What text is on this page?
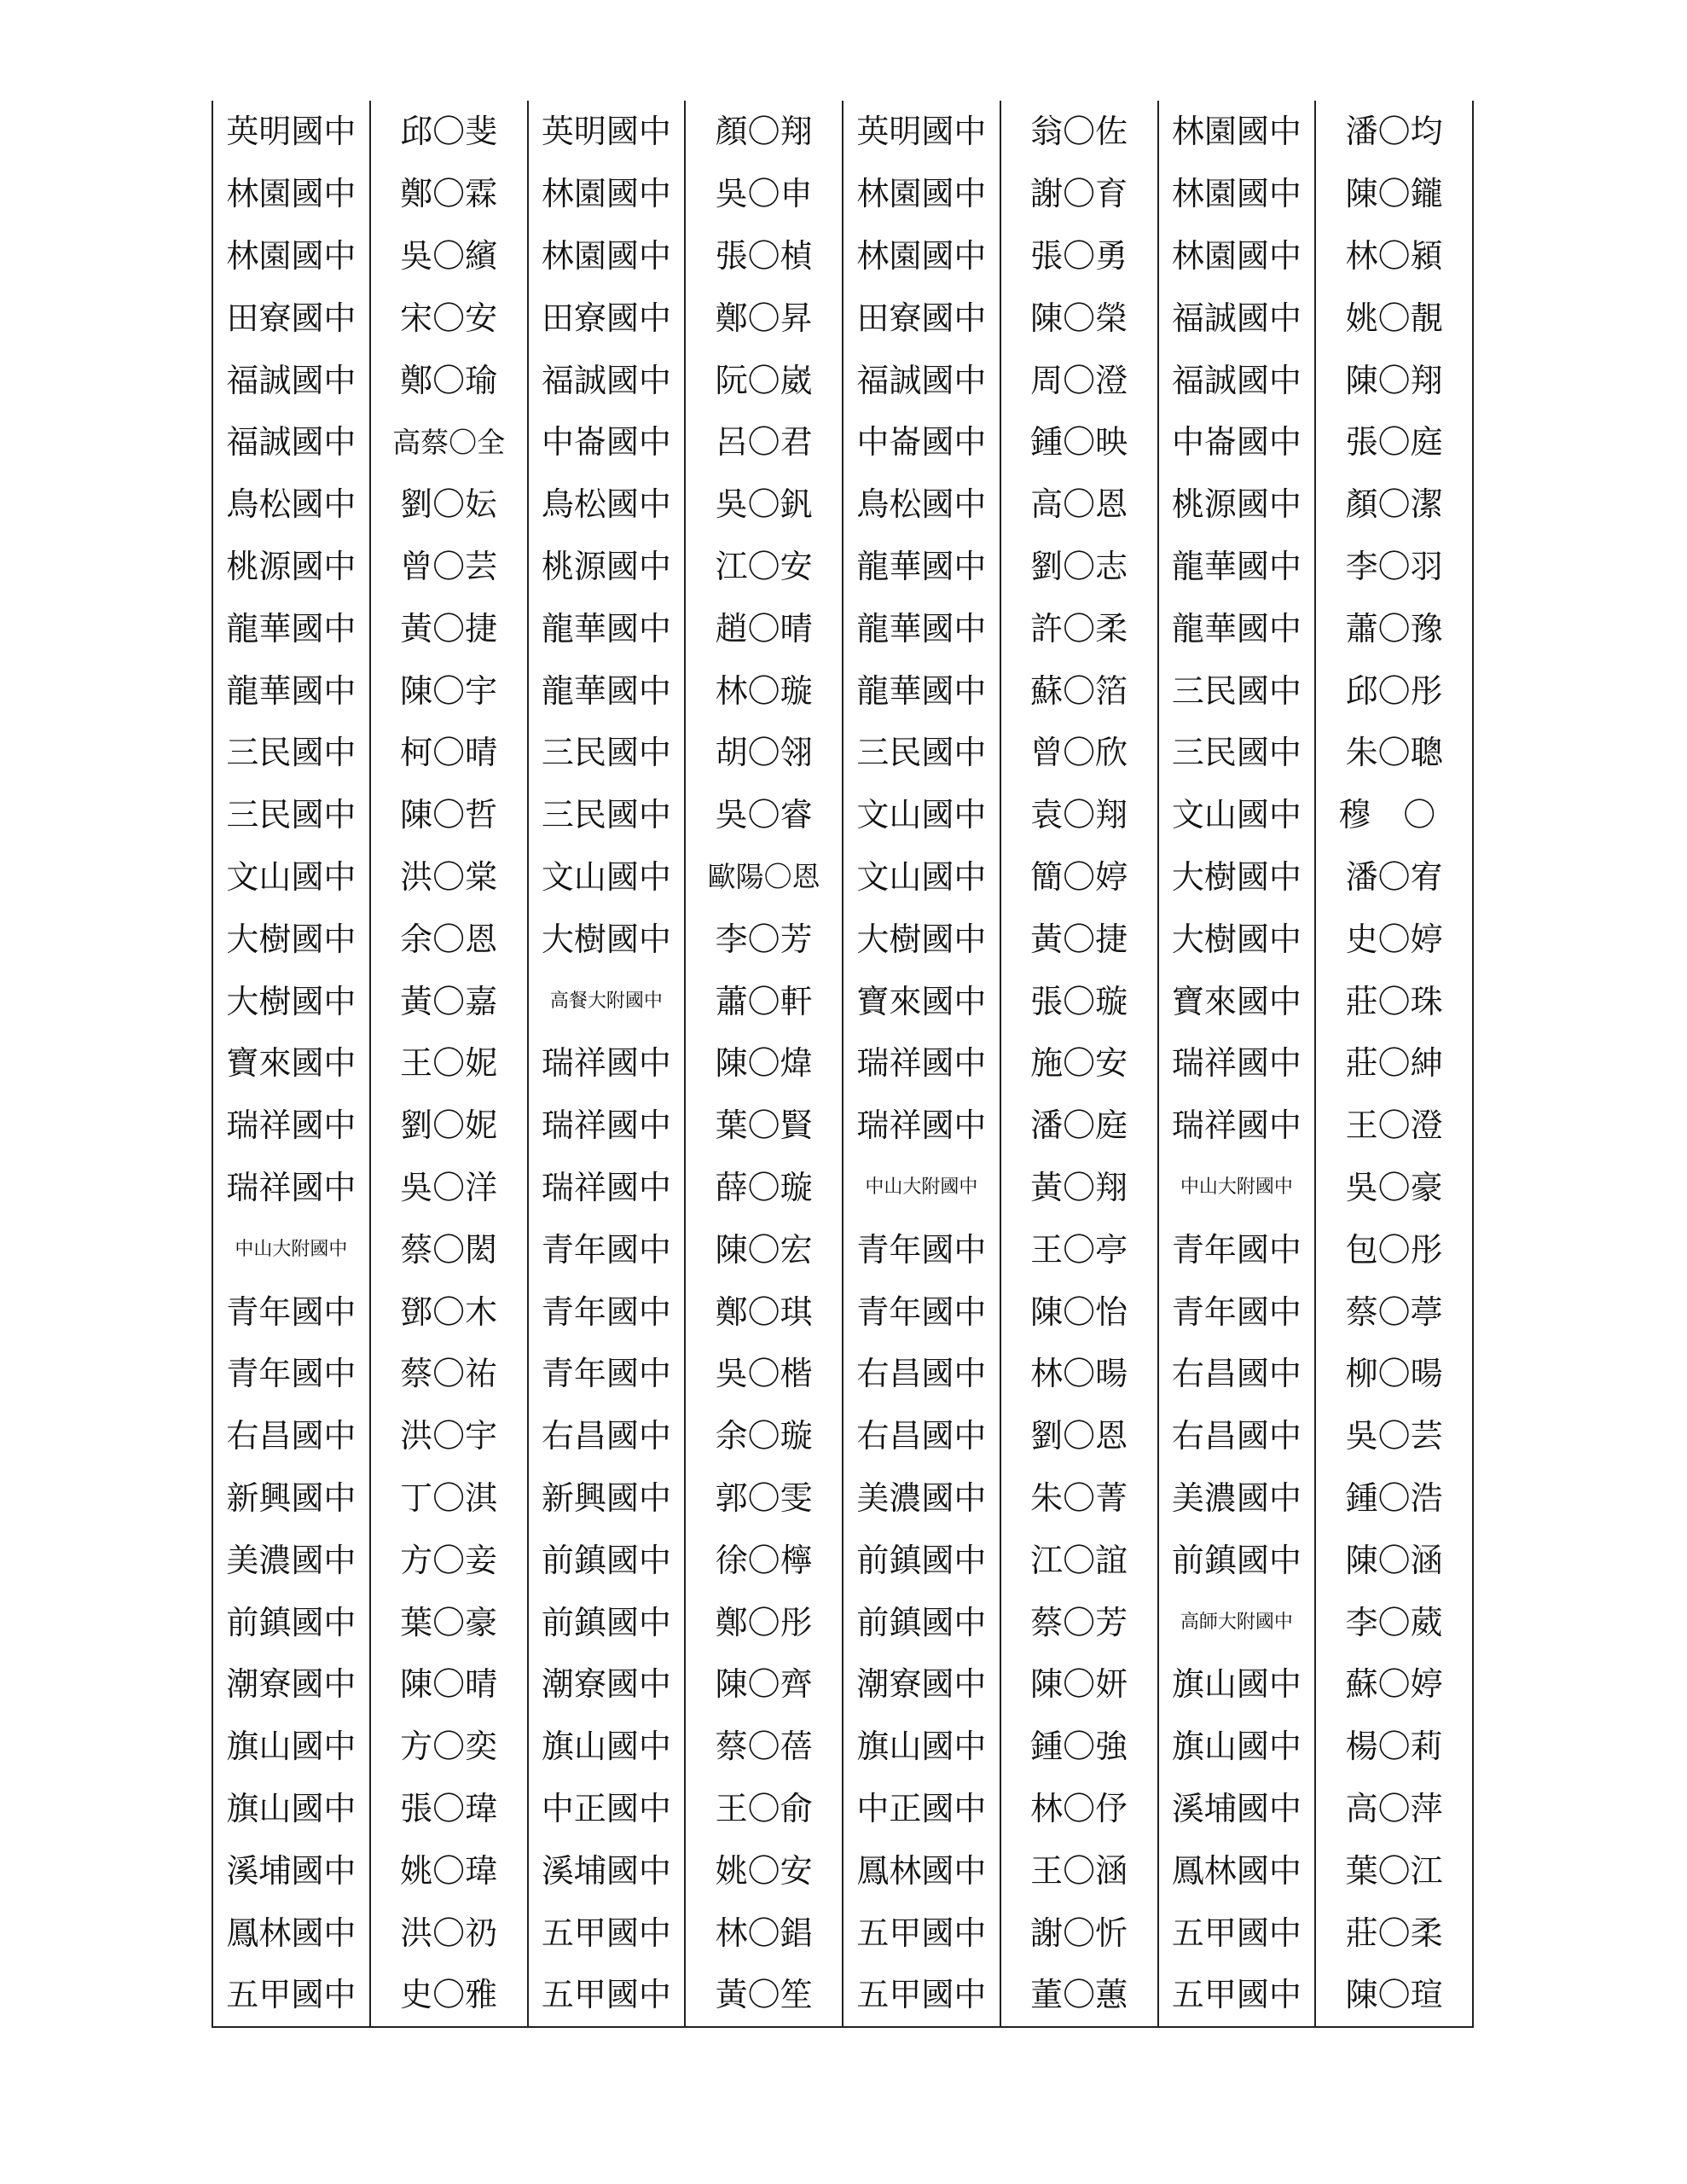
英明國中	邱〇斐	英明國中	顏〇翔	英明國中	翁〇佐	林園國中	潘〇均
林園國中	鄭〇霖	林園國中	吳〇申	林園國中	謝〇育	林園國中	陳〇鑨
林園國中	吳〇繽	林園國中	張〇楨	林園國中	張〇勇	林園國中	林〇潁
田寮國中	宋〇安	田寮國中	鄭〇昇	田寮國中	陳〇榮	福誠國中	姚〇靚
福誠國中	鄭〇瑜	福誠國中	阮〇崴	福誠國中	周〇澄	福誠國中	陳〇翔
福誠國中	高蔡〇全	中崙國中	呂〇君	中崙國中	鍾〇映	中崙國中	張〇庭
鳥松國中	劉〇妘	鳥松國中	吳〇釩	鳥松國中	高〇恩	桃源國中	顏〇潔
桃源國中	曾〇芸	桃源國中	江〇安	龍華國中	劉〇志	龍華國中	李〇羽
龍華國中	黃〇捷	龍華國中	趙〇晴	龍華國中	許〇柔	龍華國中	蕭〇豫
龍華國中	陳〇宇	龍華國中	林〇璇	龍華國中	蘇〇箔	三民國中	邱〇彤
三民國中	柯〇晴	三民國中	胡〇翎	三民國中	曾〇欣	三民國中	朱〇聰
三民國中	陳〇哲	三民國中	吳〇睿	文山國中	袁〇翔	文山國中	穆　〇
文山國中	洪〇棠	文山國中	歐陽〇恩	文山國中	簡〇婷	大樹國中	潘〇宥
大樹國中	余〇恩	大樹國中	李〇芳	大樹國中	黃〇捷	大樹國中	史〇婷
大樹國中	黃〇嘉	高餐大附國中	蕭〇軒	寶來國中	張〇璇	寶來國中	莊〇珠
寶來國中	王〇妮	瑞祥國中	陳〇煒	瑞祥國中	施〇安	瑞祥國中	莊〇紳
瑞祥國中	劉〇妮	瑞祥國中	葉〇賢	瑞祥國中	潘〇庭	瑞祥國中	王〇澄
瑞祥國中	吳〇洋	瑞祥國中	薛〇璇	中山大附國中	黃〇翔	中山大附國中	吳〇豪
中山大附國中	蔡〇閎	青年國中	陳〇宏	青年國中	王〇亭	青年國中	包〇彤
青年國中	鄧〇木	青年國中	鄭〇琪	青年國中	陳〇怡	青年國中	蔡〇葶
青年國中	蔡〇祐	青年國中	吳〇楷	右昌國中	林〇暘	右昌國中	柳〇暘
右昌國中	洪〇宇	右昌國中	余〇璇	右昌國中	劉〇恩	右昌國中	吳〇芸
新興國中	丁〇淇	新興國中	郭〇雯	美濃國中	朱〇菁	美濃國中	鍾〇浩
美濃國中	方〇妾	前鎮國中	徐〇檸	前鎮國中	江〇誼	前鎮國中	陳〇涵
前鎮國中	葉〇豪	前鎮國中	鄭〇彤	前鎮國中	蔡〇芳	高師大附國中	李〇葳
潮寮國中	陳〇晴	潮寮國中	陳〇齊	潮寮國中	陳〇妍	旗山國中	蘇〇婷
旗山國中	方〇奕	旗山國中	蔡〇蓓	旗山國中	鍾〇強	旗山國中	楊〇莉
旗山國中	張〇瑋	中正國中	王〇俞	中正國中	林〇伃	溪埔國中	高〇萍
溪埔國中	姚〇瑋	溪埔國中	姚〇安	鳳林國中	王〇涵	鳳林國中	葉〇江
鳳林國中	洪〇礽	五甲國中	林〇錩	五甲國中	謝〇忻	五甲國中	莊〇柔
五甲國中	史〇雅	五甲國中	黃〇笙	五甲國中	董〇蕙	五甲國中	陳〇瑄
